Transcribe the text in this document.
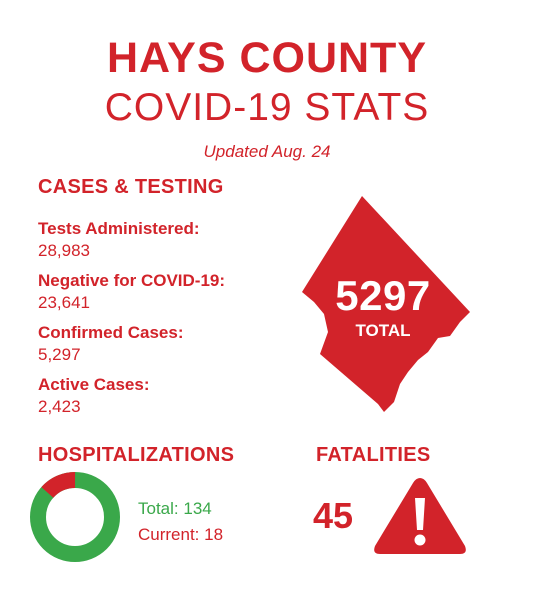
HAYS COUNTY
COVID-19 STATS
Updated Aug. 24
CASES & TESTING
Tests Administered:
28,983
Negative for COVID-19:
23,641
Confirmed Cases:
5,297
Active Cases:
2,423
5297
TOTAL
HOSPITALIZATIONS
Total: 134
Current: 18
FATALITIES
45
